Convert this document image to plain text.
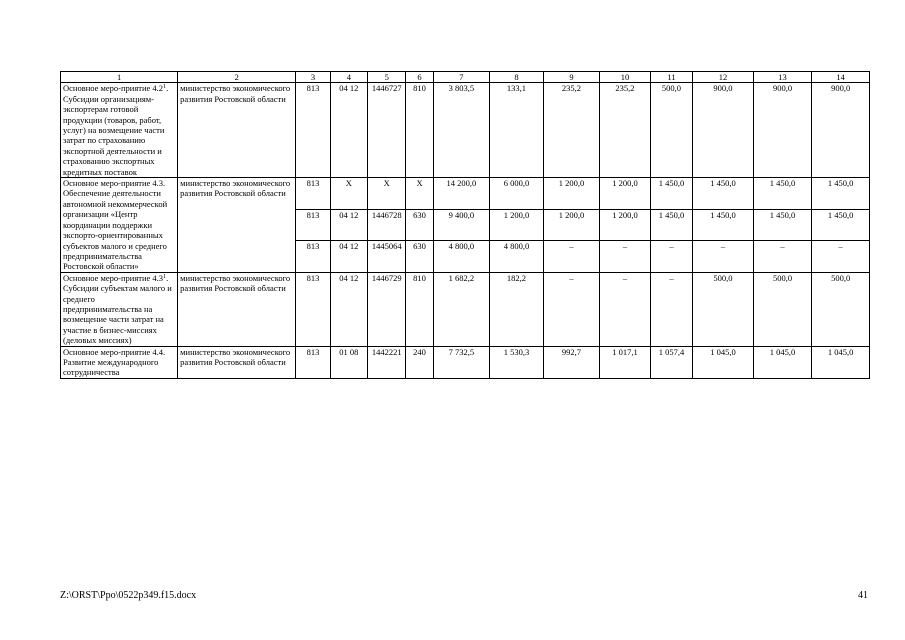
1	2	3	4	5	6	7	8	9	10	11	12	13	14
Основное меро-приятие $4.2^1$. Субсидии организациям-экспортерам готовой продукции (товаров, работ, услуг) на возмещение части затрат по страхованию экспортной деятельности и страхованию экспортных кредитных поставок	министерство экономического развития Ростовской области	813	04 12	1446727	810	3 803,5	133,1	235,2	235,2	500,0	900,0	900,0	900,0
Основное меро-приятие 4.3. Обеспечение деятельности автономной некоммерческой организации «Центр координации поддержки экспорто-ориентированных субъектов малого и среднего предпринимательства Ростовской области»	министерство экономического развития Ростовской области	813	Х	Х	Х	14 200,0	6 000,0	1 200,0	1 200,0	1 450,0	1 450,0	1 450,0	1 450,0
		813	04 12	1446728	630	9 400,0	1 200,0	1 200,0	1 200,0	1 450,0	1 450,0	1 450,0	1 450,0
		813	04 12	1445064	630	4 800,0	4 800,0	–	–	–	–	–	–
Основное меро-приятие $4.3^1$. Субсидии субъектам малого и среднего предпринимательства на возмещение части затрат на участие в бизнес-миссиях (деловых миссиях)	министерство экономического развития Ростовской области	813	04 12	1446729	810	1 682,2	182,2	–	–	–	500,0	500,0	500,0
Основное меро-приятие 4.4. Развитие международного сотрудничества	министерство экономического развития Ростовской области	813	01 08	1442221	240	7 732,5	1 530,3	992,7	1 017,1	1 057,4	1 045,0	1 045,0	1 045,0
Z:\ORST\Ppo\0522p349.f15.docx	41
